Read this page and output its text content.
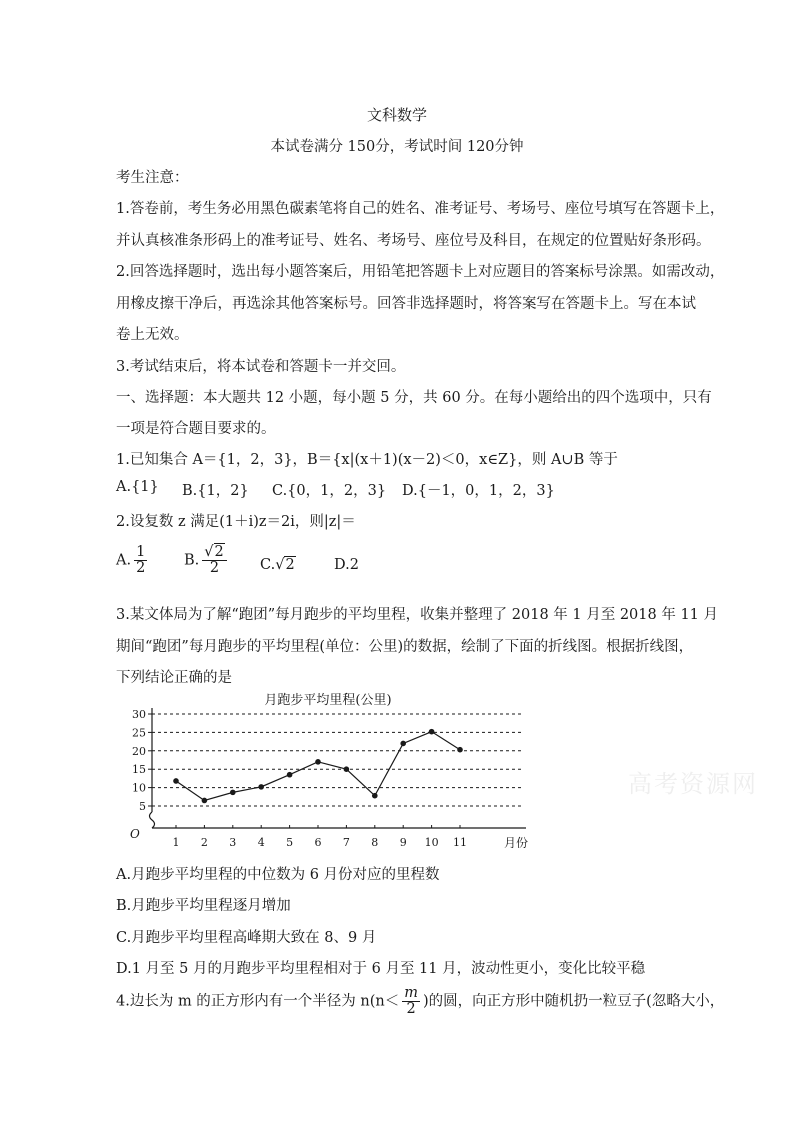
文科数学
本试卷满分 150分，考试时间 120分钟
考生注意：
1.答卷前，考生务必用黑色碳素笔将自己的姓名、准考证号、考场号、座位号填写在答题卡上，
并认真核准条形码上的准考证号、姓名、考场号、座位号及科目，在规定的位置贴好条形码。
2.回答选择题时，选出每小题答案后，用铅笔把答题卡上对应题目的答案标号涂黑。如需改动，
用橡皮擦干净后，再选涂其他答案标号。回答非选择题时，将答案写在答题卡上。写在本试
卷上无效。
3.考试结束后，将本试卷和答题卡一并交回。
一、选择题：本大题共 12 小题，每小题 5 分，共 60 分。在每小题给出的四个选项中，只有
一项是符合题目要求的。
1.已知集合 A＝{1，2，3}，B＝{x|(x＋1)(x－2)＜0，x∈Z}，则 A∪B 等于
A.{1} B.{1，2} C.{0，1，2，3} D.{－1，0，1，2，3}
2.设复数 z 满足(1＋i)z＝2i，则|z|＝
A. $\frac{1}{2}$	B. $\frac{√2}{2} C.√2$	D.2
3.某文体局为了解“跑团”每月跑步的平均里程，收集并整理了 2018 年 1 月至 2018 年 11 月
期间“跑团”每月跑步的平均里程(单位：公里)的数据，绘制了下面的折线图。根据折线图，
下列结论正确的是
月跑步平均里程(公里)
5
10
15
20
25
30
O
1 2 3 4 5 6 7 8 9 10 11	月份
高考资源网
A.月跑步平均里程的中位数为 6 月份对应的里程数
B.月跑步平均里程逐月增加
C.月跑步平均里程高峰期大致在 8、9 月
D.1 月至 5 月的月跑步平均里程相对于 6 月至 11 月，波动性更小，变化比较平稳
4.边长为 m 的正方形内有一个半径为 $n(n< \frac{m}{2}$ )的圆，向正方形中随机扔一粒豆子(忽略大小，
